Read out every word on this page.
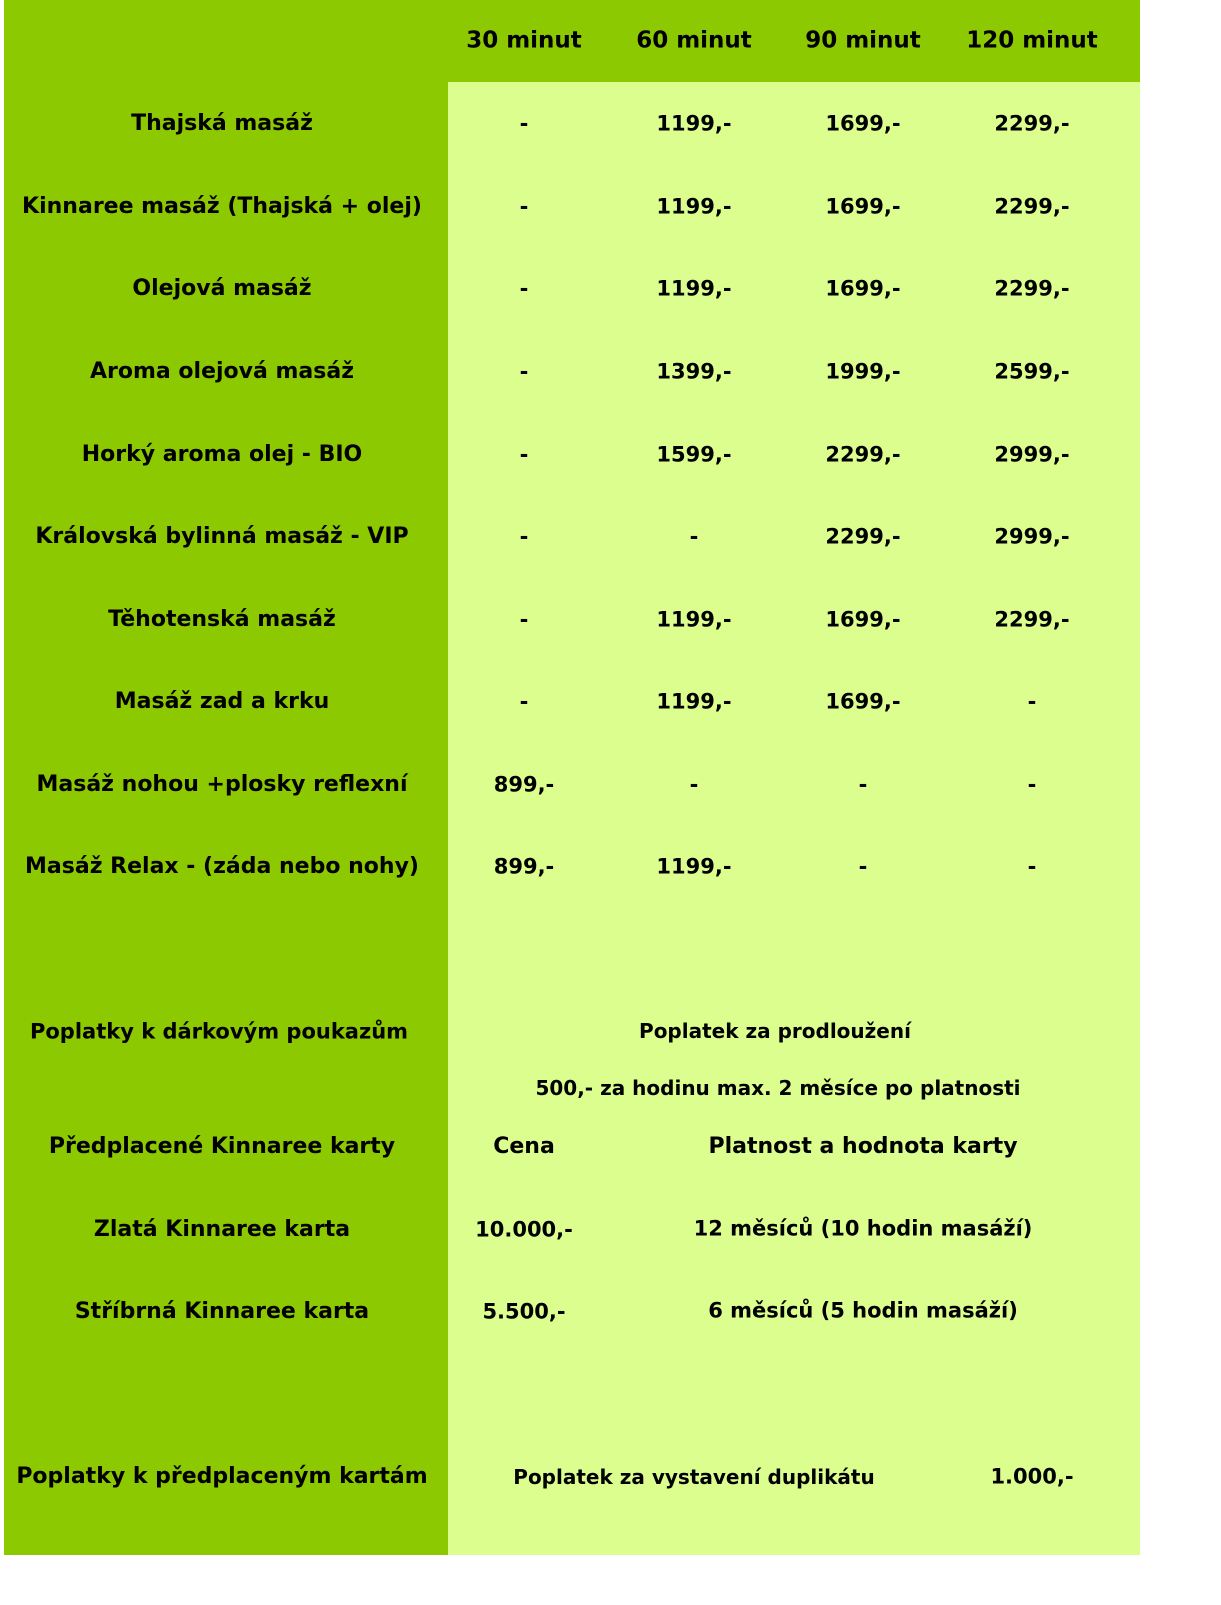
30 minut 60 minut 90 minut 120 minut
Thajská masáž	-	1199,-	1699,-	2299,-
Kinnaree masáž (Thajská + olej)	-	1199,-	1699,-	2299,-
Olejová masáž	-	1199,-	1699,-	2299,-
Aroma olejová masáž	-	1399,-	1999,-	2599,-
Horký aroma olej - BIO	-	1599,-	2299,-	2999,-
Královská bylinná masáž - VIP	-	-	2299,-	2999,-
Těhotenská masáž	-	1199,-	1699,-	2299,-
Masáž zad a krku	-	1199,-	1699,-	-
Masáž nohou +plosky reflexní	899,-	-	-	-
Masáž Relax - (záda nebo nohy)	899,-	1199,-	-	-
Poplatky k dárkovým poukazům	Poplatek za prodloužení
500,- za hodinu max. 2 měsíce po platnosti
Předplacené Kinnaree karty	Cena	Platnost a hodnota karty
Zlatá Kinnaree karta	10.000,-	12 měsíců (10 hodin masáží)
Stříbrná Kinnaree karta	5.500,-	6 měsíců (5 hodin masáží)
Poplatky k předplaceným kartám	Poplatek za vystavení duplikátu	1.000,-
